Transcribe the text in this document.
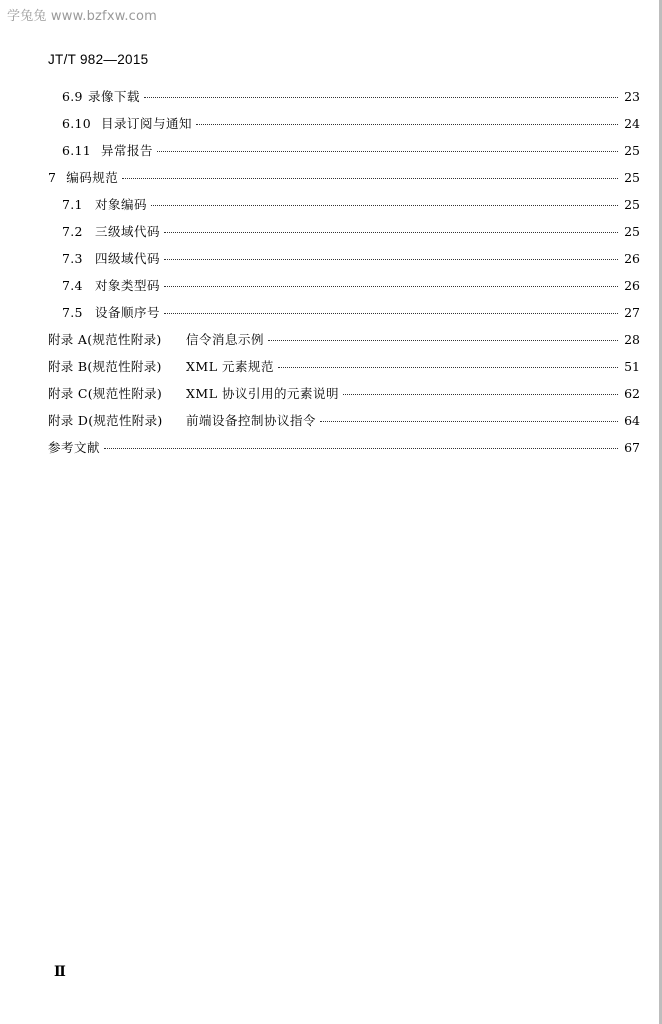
学兔兔 www.bzfxw.com
JT/T 982—2015
6.9 录像下载	23
6.10 目录订阅与通知	24
6.11 异常报告	25
7 编码规范	25
7.1 对象编码	25
7.2 三级域代码	25
7.3 四级域代码	26
7.4 对象类型码	26
7.5 设备顺序号	27
附录 A(规范性附录)	信令消息示例	28
附录 B(规范性附录)	XML 元素规范	51
附录 C(规范性附录)	XML 协议引用的元素说明	62
附录 D(规范性附录)	前端设备控制协议指令	64
参考文献	67
Ⅱ
